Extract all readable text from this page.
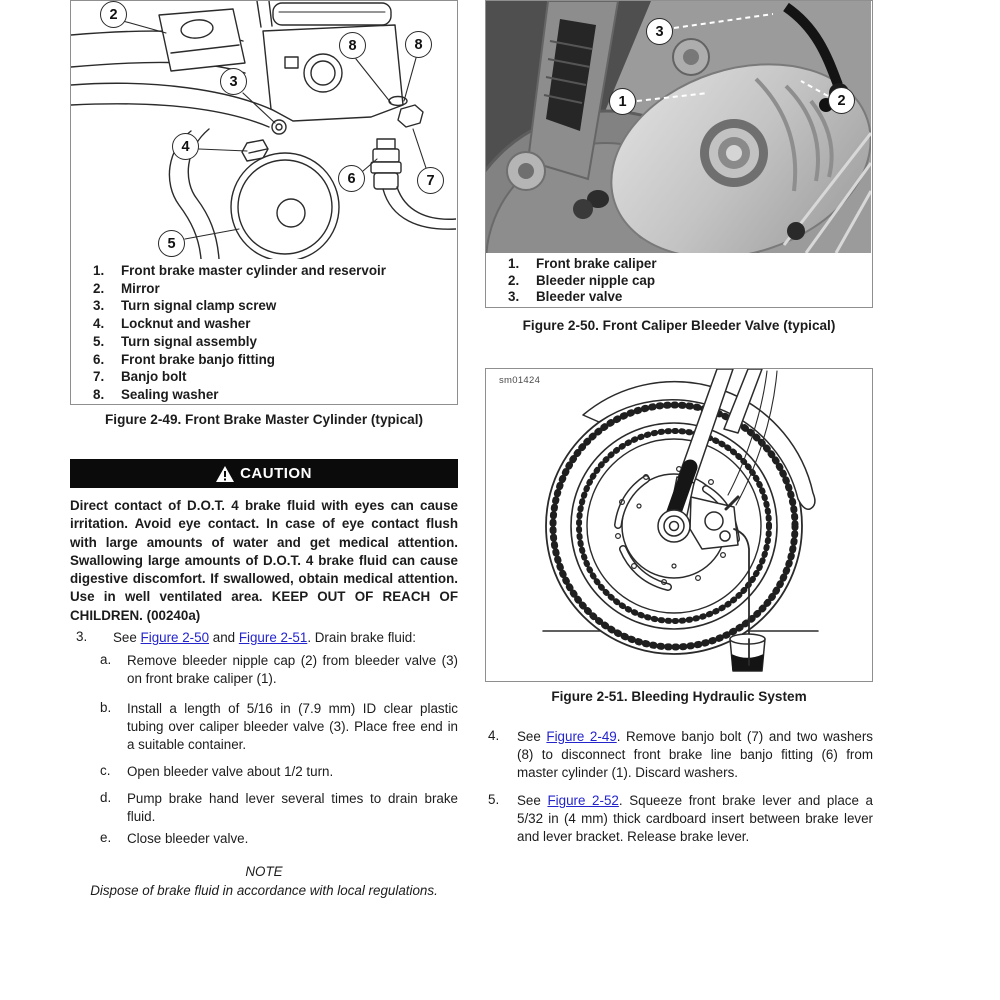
2
8	8
3
4
6	7
5
1.	Front brake master cylinder and reservoir
2.	Mirror
3.	Turn signal clamp screw
4.	Locknut and washer
5.	Turn signal assembly
6.	Front brake banjo fitting
7.	Banjo bolt
8.	Sealing washer
Figure 2-49. Front Brake Master Cylinder (typical)
CAUTION
Direct contact of D.O.T. 4 brake fluid with eyes can cause irritation. Avoid eye contact. In case of eye contact flush with large amounts of water and get medical attention. Swallowing large amounts of D.O.T. 4 brake fluid can cause digestive discomfort. If swallowed, obtain medical attention. Use in well ventilated area. KEEP OUT OF REACH OF CHILDREN. (00240a)
3. See Figure 2-50 and Figure 2-51. Drain brake fluid:
a. Remove bleeder nipple cap (2) from bleeder valve (3) on front brake caliper (1).
b. Install a length of 5/16 in (7.9 mm) ID clear plastic tubing over caliper bleeder valve (3). Place free end in a suitable container.
c. Open bleeder valve about 1/2 turn.
d. Pump brake hand lever several times to drain brake fluid.
e. Close bleeder valve.
NOTE
Dispose of brake fluid in accordance with local regulations.
3
1	2
1.	Front brake caliper
2.	Bleeder nipple cap
3.	Bleeder valve
Figure 2-50. Front Caliper Bleeder Valve (typical)
sm01424
Figure 2-51. Bleeding Hydraulic System
4. See Figure 2-49. Remove banjo bolt (7) and two washers (8) to disconnect front brake line banjo fitting (6) from master cylinder (1). Discard washers.
5. See Figure 2-52. Squeeze front brake lever and place a 5/32 in (4 mm) thick cardboard insert between brake lever and lever bracket. Release brake lever.
